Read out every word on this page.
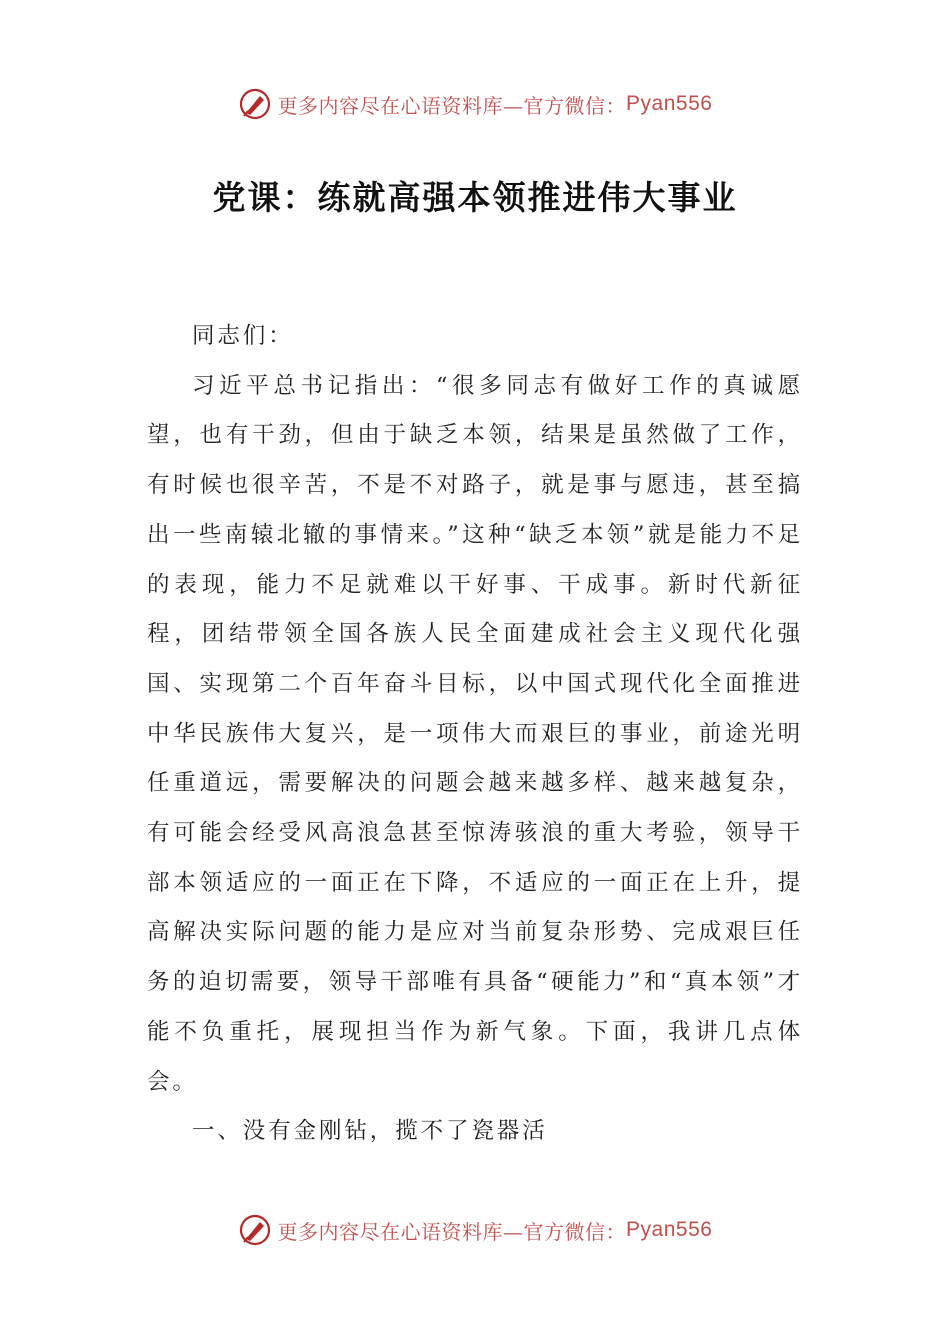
更多内容尽在心语资料库—官方微信： Pyan556
党课：练就高强本领推进伟大事业

同志们：

习近平总书记指出：“很多同志有做好工作的真诚愿望，也有干劲，但由于缺乏本领，结果是虽然做了工作，有时候也很辛苦，不是不对路子，就是事与愿违，甚至搞出一些南辕北辙的事情来。”这种“缺乏本领”就是能力不足的表现，能力不足就难以干好事、干成事。新时代新征程，团结带领全国各族人民全面建成社会主义现代化强国、实现第二个百年奋斗目标，以中国式现代化全面推进中华民族伟大复兴，是一项伟大而艰巨的事业，前途光明任重道远，需要解决的问题会越来越多样、越来越复杂，有可能会经受风高浪急甚至惊涛骇浪的重大考验，领导干部本领适应的一面正在下降，不适应的一面正在上升，提高解决实际问题的能力是应对当前复杂形势、完成艰巨任务的迫切需要，领导干部唯有具备“硬能力”和“真本领”才能不负重托，展现担当作为新气象。下面，我讲几点体会。

一、没有金刚钻，揽不了瓷器活

更多内容尽在心语资料库—官方微信： Pyan556
